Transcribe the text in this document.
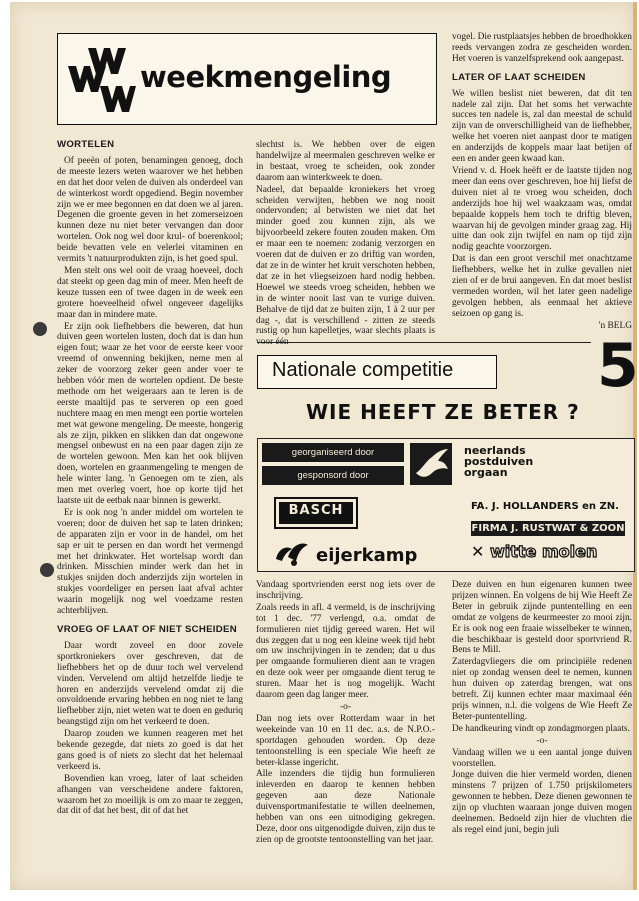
weekmengeling
WORTELEN

Of peeën of poten, benamingen genoeg, doch de meeste lezers weten waarover we het hebben en dat het door velen de duiven als onderdeel van de winterkost wordt opgediend. Begin november zijn we er mee begonnen en dat doen we al jaren. Degenen die groente geven in het zomerseizoen kunnen deze nu niet beter vervangen dan door wortelen. Ook nog wel door krul- of boerenkool; beide bevatten vele en velerlei vitaminen en vermits 't natuurprodukten zijn, is het goed spul.

Men stelt ons wel ooit de vraag hoeveel, doch dat steekt op geen dag min of meer. Men heeft de keuze tussen een of twee dagen in de week een grotere hoeveelheid ofwel ongeveer dagelijks maar dan in mindere mate.

Er zijn ook liefhebbers die beweren, dat hun duiven geen wortelen lusten, doch dat is dan hun eigen fout; waar ze het voor de eerste keer voor vreemd of onwenning bekijken, neme men al zeker de voorzorg zeker geen ander voer te hebben vóór men de wortelen opdient. De beste methode om het weigeraars aan te leren is de eerste maaltijd pas te serveren op een goed nuchtere maag en men mengt een portie wortelen met wat gewone mengeling. De meeste, hongerig als ze zijn, pikken en slikken dan dat ongewone mengsel onbewust en na een paar dagen zijn ze de wortelen gewoon. Men kan het ook blijven doen, wortelen en graanmengeling te mengen de hele winter lang. 'n Genoegen om te zien, als men met overleg voert, hoe op korte tijd het laatste uit de eetbak naar binnen is gewerkt.

Er is ook nog 'n ander middel om wortelen te voeren; door de duiven het sap te laten drinken; de apparaten zijn er voor in de handel, om het sap er uit te persen en dan wordt het vermengd met het drinkwater. Het wortelsap wordt dan drinken. Misschien minder werk dan het in stukjes snijden doch anderzijds zijn wortelen in stukjes voordeliger en persen laat afval achter waarin mogelijk nog wel voedzame resten achterblijven.

VROEG OF LAAT OF NIET SCHEIDEN

Daar wordt zoveel en door zovele sportkroniekers over geschreven, dat de liefhebbers het op de duur toch wel vervelend vinden. Vervelend om altijd hetzelfde liedje te horen en anderzijds vervelend omdat zij die onvoldoende ervaring hebben en nog niet te lang liefhebber zijn, niet weten wat te doen en geduriq beangstigd zijn om het verkeerd te doen.

Daarop zouden we kunnen reageren met het bekende gezegde, dat niets zo goed is dat het gans goed is of niets zo slecht dat het helemaal verkeerd is.

Bovendien kan vroeg, later of laat scheiden afhangen van verscheidene andere faktoren, waarom het zo moeilijk is om zo maar te zeggen, dat dit of dat het best, dit of dat het

slechtst is. We hebben over de eigen handelwijze al meermalen geschreven welke er in bestaat, vroeg te scheiden, ook zonder daarom aan winterkweek te doen.

Nadeel, dat bepaalde kroniekers het vroeg scheiden verwijten, hebben we nog nooit ondervonden; al betwisten we niet dat het minder goed zou kunnen zijn, als we bijvoorbeeld zekere fouten zouden maken. Om er maar een te noemen: zodanig verzorgen en voeren dat de duiven er zo driftig van worden, dat ze in de winter het kruit verschoten hebben, dat ze in het vliegseizoen hard nodig hebben. Hoewel we steeds vroeg scheiden, hebben we in de winter nooit last van te vurige duiven. Behalve de tijd dat ze buiten zijn, 1 à 2 uur per dag -, dat is verschillend - zitten ze steeds rustig op hun kapelletjes, waar slechts plaats is

vogel. Die rustplaatsjes hebben de broedhokken reeds vervangen zodra ze gescheiden worden. Het voeren is vanzelfsprekend ook aangepast.

LATER OF LAAT SCHEIDEN

We willen beslist niet beweren, dat dit ten nadele zal zijn. Dat het soms het verwachte succes ten nadele is, zal dan meestal de schuld zijn van de onverschilligheid van de liefhebber, welke het voeren niet aanpast door te matigen en anderzijds de koppels maar laat betijen of een en ander geen kwaad kan.

Vriend v. d. Hoek heëft er de laatste tijden nog meer dan eens over geschreven, hoe hij liefst de duiven niet al te vroeg wou scheiden, doch anderzijds hoe hij wel waakzaam was, omdat bepaalde koppels hem toch te driftig bleven, waarvan hij de gevolgen minder graag zag. Hij uitte dan ook zijn twijfel en nam op tijd zijn nodig geachte voorzorgen.

Dat is dan een groot verschil met onachtzame liefhebbers, welke het in zulke gevallen niet zien of er de brui aangeven. En dat moet beslist vermeden worden, wil het later geen nadelige gevolgen hebben, als eenmaal het aktieve seizoen op gang is.

'n BELG

Nationale competitie 5
WIE HEEFT ZE BETER ?
georganiseerd door
gesponsord door
neerlands
postduiven
orgaan
BASCH	FA. J. HOLLANDERS en ZN.
FIRMA J. RUSTWAT & ZOON
eijerkamp	✕ witte molen

Vandaag sportvrienden eerst nog iets over de inschrijving.

Zoals reeds in afl. 4 vermeld, is de inschrijving tot 1 dec. '77 verlengd, o.a. omdat de formulieren niet tijdig gereed waren. Het wil dus zeggen dat u nog een kleine week tijd hebt om uw inschrijvingen in te zenden; dat u dus per omgaande formulieren dient aan te vragen en deze ook weer per omgaande dient terug te sturen. Maar het is nog mogelijk. Wacht daarom geen dag langer meer.

-o-

Dan nog iets over Rotterdam waar in het weekeinde van 10 en 11 dec. a.s. de N.P.O.-sportdagen gehouden worden. Op deze tentoonstelling is een speciale Wie heeft ze beter-klasse ingericht.

Alle inzenders die tijdig hun formulieren inleverden en daarop te kennen hebben gegeven aan deze Nationale duivensportmanifestatie te willen deelnemen, hebben van ons een uitnodiging gekregen. Deze, door ons uitgenodigde duiven, zijn dus te zien op de grootste tentoonstelling van het jaar.

Deze duiven en hun eigenaren kunnen twee prijzen winnen. En volgens de bij Wie Heeft Ze Beter in gebruik zijnde puntentelling en een omdat ze volgens de keurmeester zo mooi zijn. Er is ook nog een fraaie wisselbeker te winnen, die beschikbaar is gesteld door sportvriend R. Bens te Mill.

Zaterdagvliegers die om principiële redenen niet op zondag wensen deel te nemen, kunnen hun duiven op zaterdag brengen, wat ons betreft. Zij kunnen echter maar maximaal één prijs winnen, n.l. die volgens de Wie Heeft Ze Beter-puntentelling.

De handkeuring vindt op zondagmorgen plaats.

-o-

Vandaag willen we u een aantal jonge duiven voorstellen.

Jonge duiven die hier vermeld worden, dienen minstens 7 prijzen of 1.750 prijskilometers gewonnen te hebben. Deze dienen gewonnen te zijn op vluchten waaraan jonge duiven mogen deelnemen. Bedoeld zijn hier de vluchten die als regel eind juni, begin juli
